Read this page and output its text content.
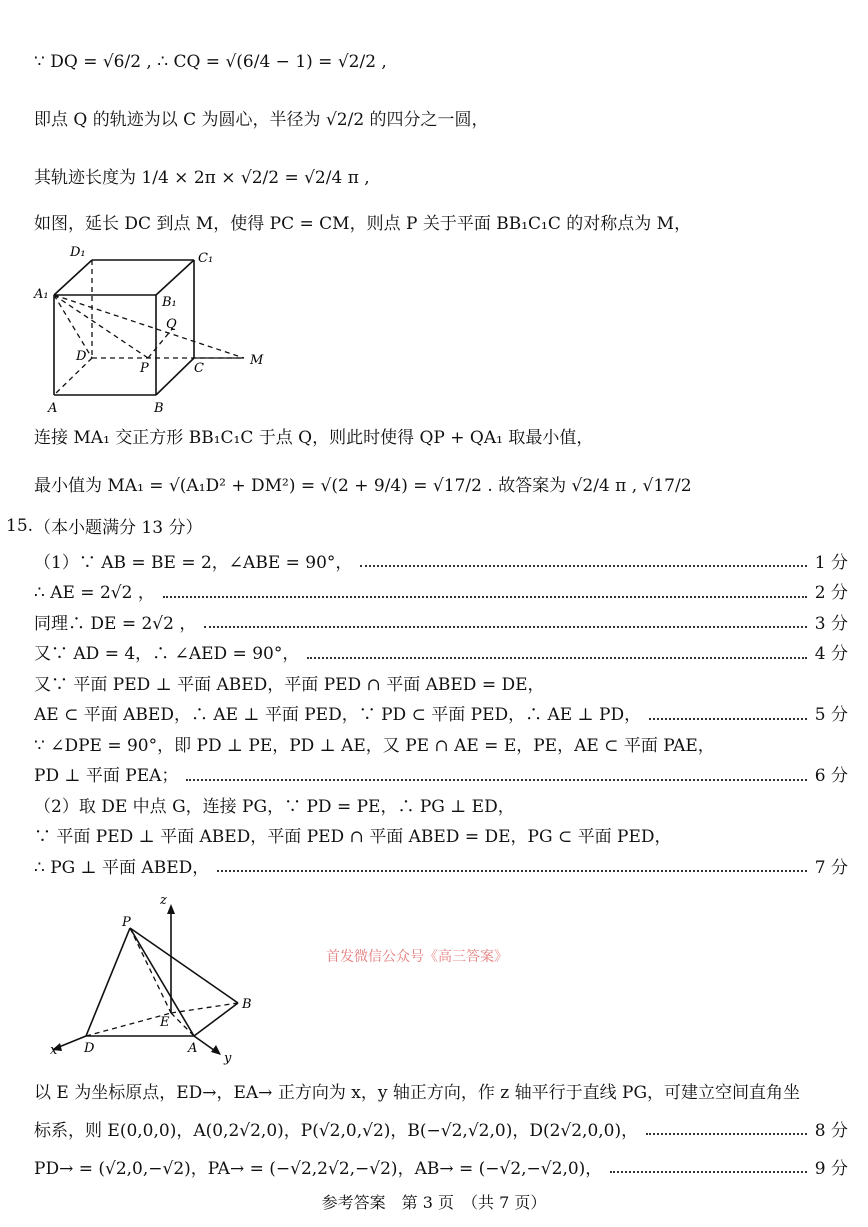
∵ DQ = √6/2 , ∴ CQ = √(6/4 − 1) = √2/2 ,
即点 Q 的轨迹为以 C 为圆心，半径为 √2/2 的四分之一圆，
其轨迹长度为 1/4 × 2π × √2/2 = √2/4 π ,
如图，延长 DC 到点 M，使得 PC = CM，则点 P 关于平面 BB₁C₁C 的对称点为 M，
D₁	C₁
A₁
B₁
Q
D
P	C
M
A	B
连接 MA₁ 交正方形 BB₁C₁C 于点 Q，则此时使得 QP + QA₁ 取最小值，
最小值为 MA₁ = √(A₁D² + DM²) = √(2 + 9/4) = √17/2 . 故答案为 √2/4 π , √17/2
15. （本小题满分 13 分）
（1）∵ AB = BE = 2，∠ABE = 90°，	1 分
∴ AE = 2√2 ，	2 分
同理∴ DE = 2√2 ，	3 分
又∵ AD = 4，∴ ∠AED = 90°，	4 分
又∵ 平面 PED ⊥ 平面 ABED，平面 PED ∩ 平面 ABED = DE，
AE ⊂ 平面 ABED，∴ AE ⊥ 平面 PED，∵ PD ⊂ 平面 PED，∴ AE ⊥ PD，	5 分
∵ ∠DPE = 90°，即 PD ⊥ PE，PD ⊥ AE，又 PE ∩ AE = E，PE，AE ⊂ 平面 PAE，
PD ⊥ 平面 PEA；	6 分
（2）取 DE 中点 G，连接 PG，∵ PD = PE，∴ PG ⊥ ED，
∵ 平面 PED ⊥ 平面 ABED，平面 PED ∩ 平面 ABED = DE，PG ⊂ 平面 PED，
∴ PG ⊥ 平面 ABED，	7 分
z
P
B
E
x D	A
y
首发微信公众号《高三答案》
以 E 为坐标原点，ED→，EA→ 正方向为 x，y 轴正方向，作 z 轴平行于直线 PG，可建立空间直角坐
标系，则 E(0,0,0)，A(0,2√2,0)，P(√2,0,√2)，B(−√2,√2,0)，D(2√2,0,0)，	8 分
PD→ = (√2,0,−√2)，PA→ = (−√2,2√2,−√2)，AB→ = (−√2,−√2,0)，	9 分
参考答案　第 3 页　（共 7 页）
